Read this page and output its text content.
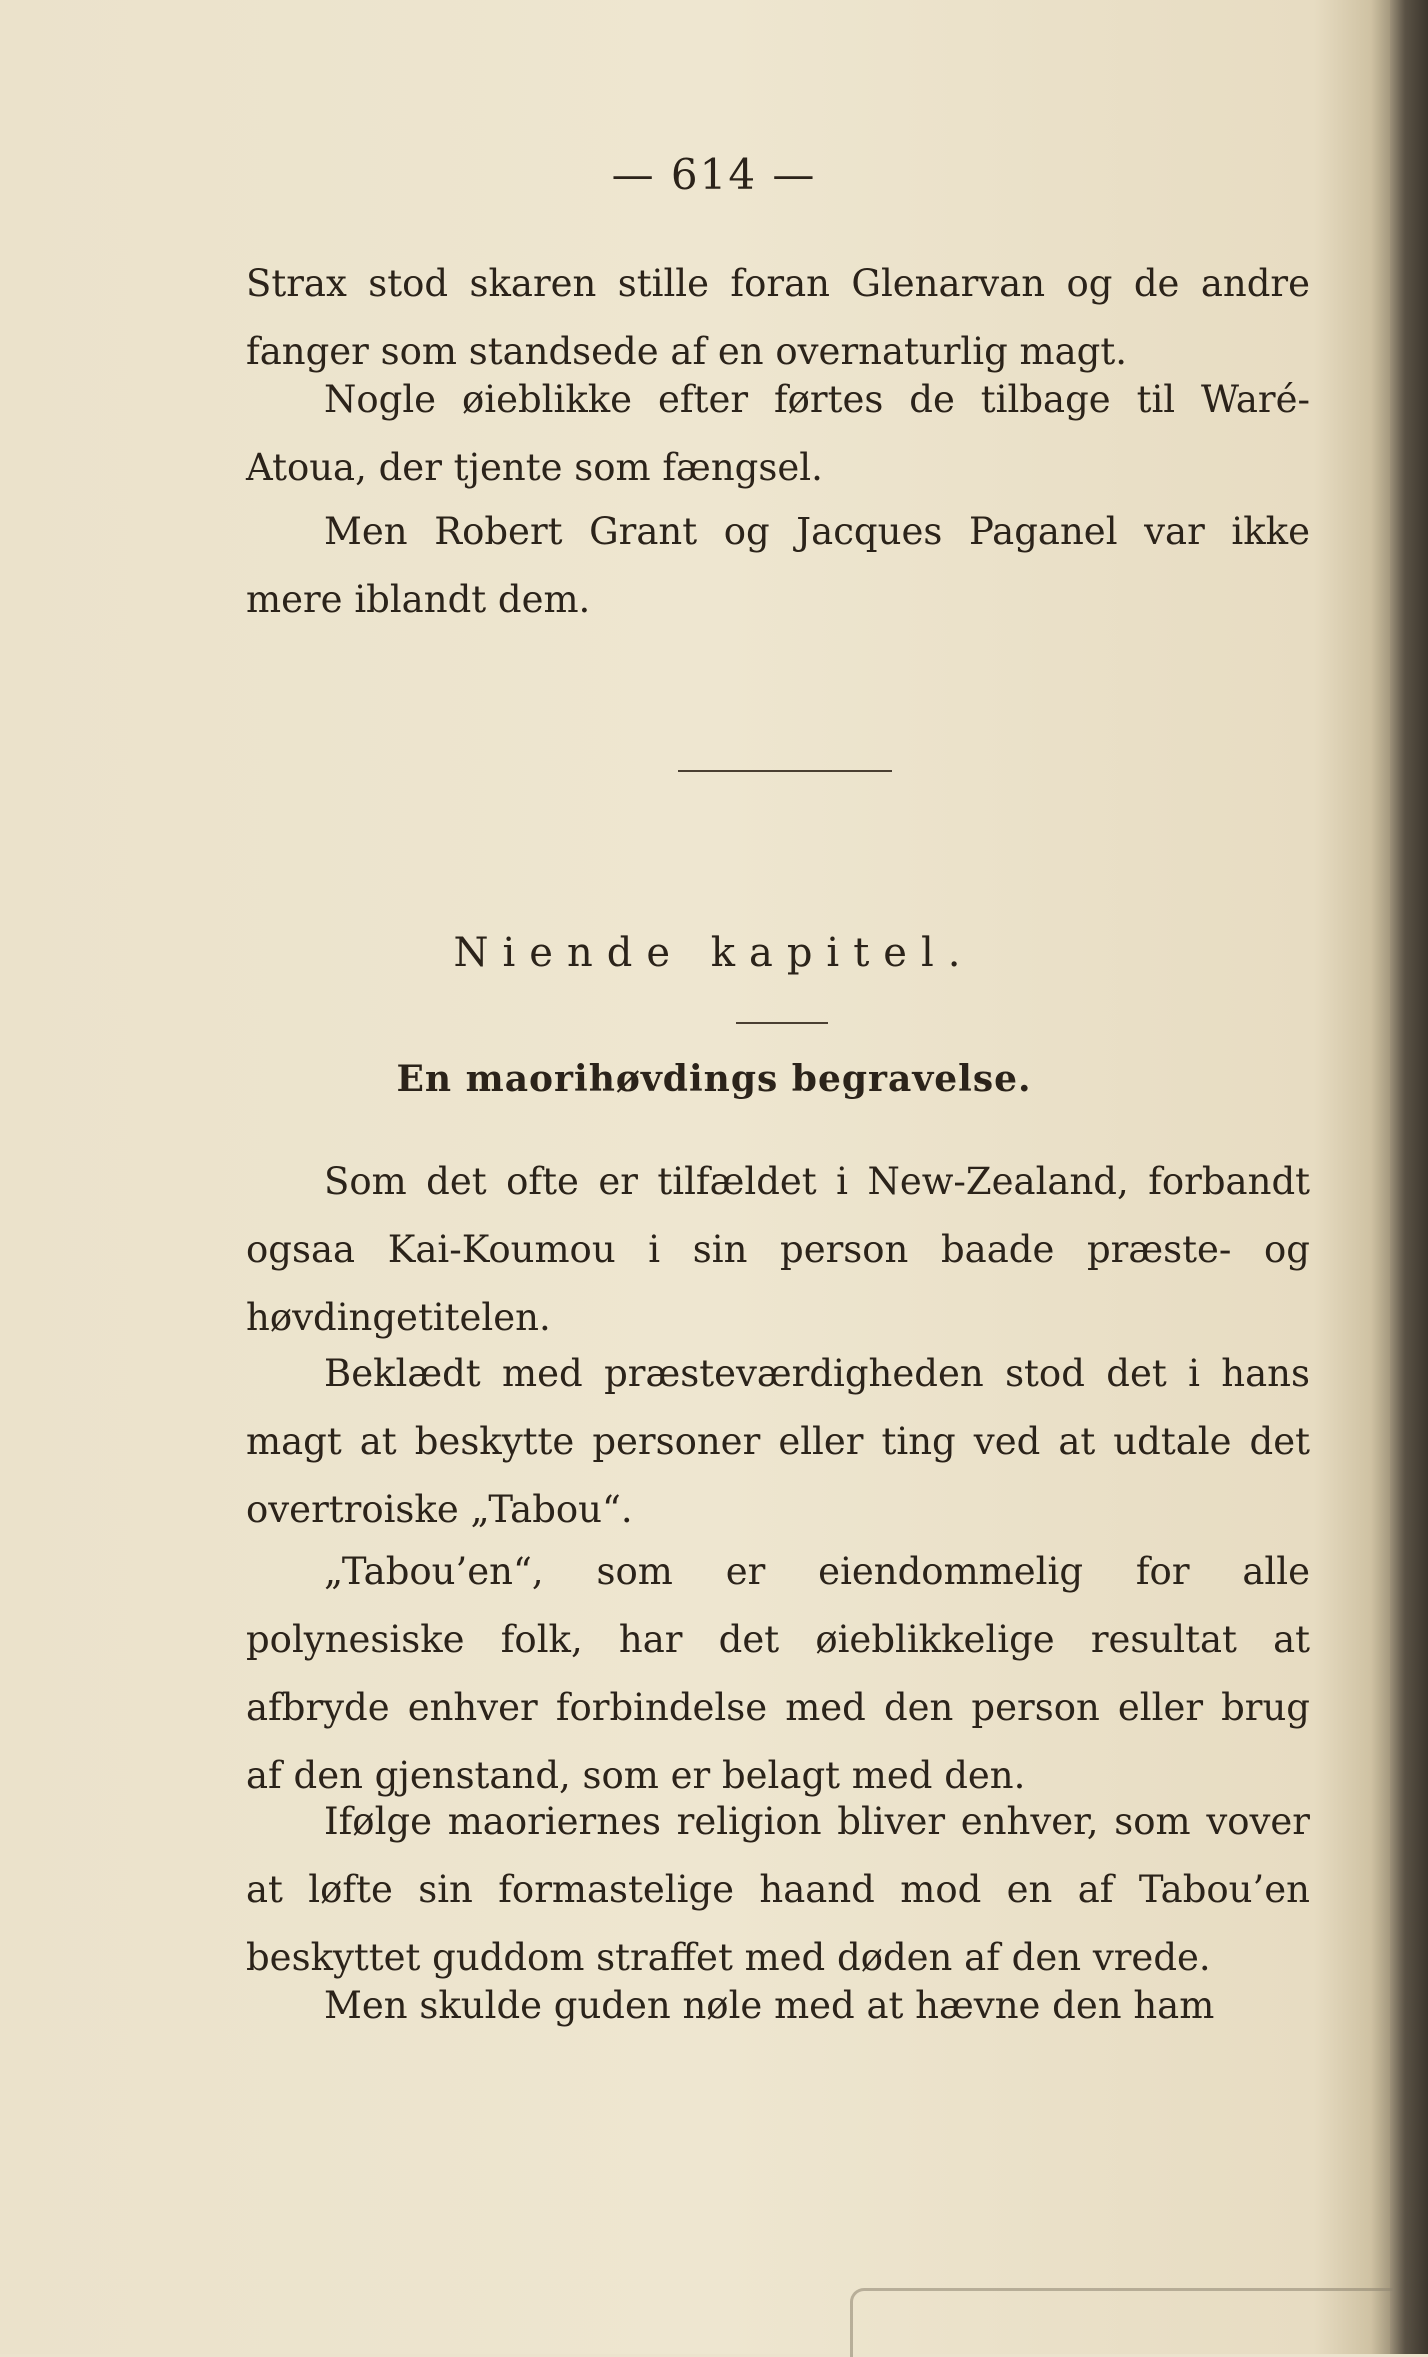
— 614 —

Strax stod skaren stille foran Glenarvan og de andre fanger som standsede af en overnaturlig magt.

Nogle øieblikke efter førtes de tilbage til Waré-Atoua, der tjente som fængsel.

Men Robert Grant og Jacques Paganel var ikke mere iblandt dem.

Niende kapitel.
En maorihøvdings begravelse.

Som det ofte er tilfældet i New-Zealand, forbandt ogsaa Kai-Koumou i sin person baade præste- og høvdingetitelen.

Beklædt med præsteværdigheden stod det i hans magt at beskytte personer eller ting ved at udtale det overtroiske „Tabou“.

„Tabou’en“, som er eiendommelig for alle polynesiske folk, har det øieblikkelige resultat at afbryde enhver forbindelse med den person eller brug af den gjenstand, som er belagt med den.

Ifølge maoriernes religion bliver enhver, som vover at løfte sin formastelige haand mod en af Tabou’en beskyttet guddom straffet med døden af den vrede.

Men skulde guden nøle med at hævne den ham
